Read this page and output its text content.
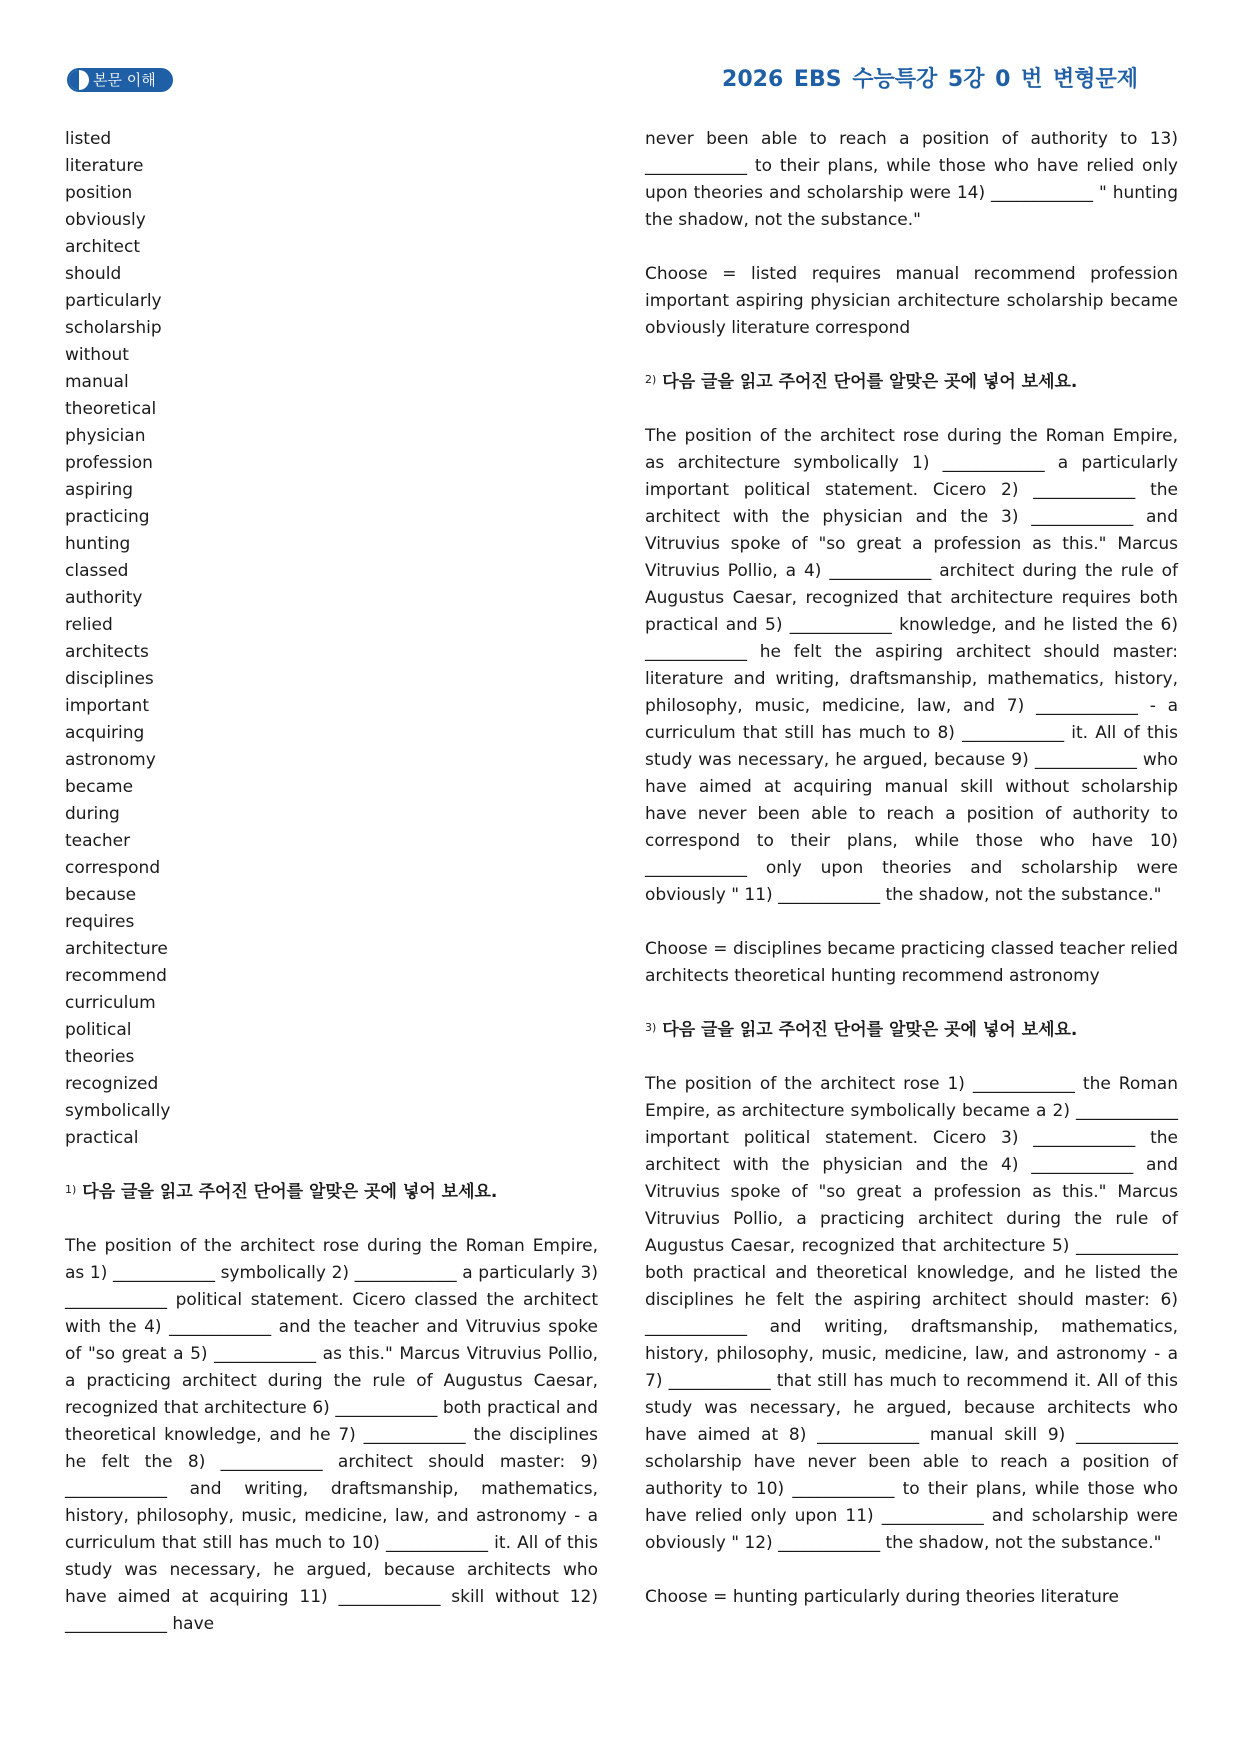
본문 이해	2026 EBS 수능특강 5강 0 번 변형문제
listed
literature
position
obviously
architect
should
particularly
scholarship
without
manual
theoretical
physician
profession
aspiring
practicing
hunting
classed
authority
relied
architects
disciplines
important
acquiring
astronomy
became
during
teacher
correspond
because
requires
architecture
recommend
curriculum
political
theories
recognized
symbolically
practical

$^{1)}$ 다음 글을 읽고 주어진 단어를 알맞은 곳에 넣어 보세요.

The position of the architect rose during the Roman Empire, as 1) ____________ symbolically 2) ____________ a particularly 3) ____________ political statement. Cicero classed the architect with the 4) ____________ and the teacher and Vitruvius spoke of "so great a 5) ____________ as this." Marcus Vitruvius Pollio, a practicing architect during the rule of Augustus Caesar, recognized that architecture 6) ____________ both practical and theoretical knowledge, and he 7) ____________ the disciplines he felt the 8) ____________ architect should master: 9) ____________ and writing, draftsmanship, mathematics, history, philosophy, music, medicine, law, and astronomy - a curriculum that still has much to 10) ____________ it. All of this study was necessary, he argued, because architects who have aimed at acquiring 11) ____________ skill without 12) ____________ have

never been able to reach a position of authority to 13) ____________ to their plans, while those who have relied only upon theories and scholarship were 14) ____________ " hunting the shadow, not the substance."

Choose = listed requires manual recommend profession important aspiring physician architecture scholarship became obviously literature correspond

$^{2)}$ 다음 글을 읽고 주어진 단어를 알맞은 곳에 넣어 보세요.

The position of the architect rose during the Roman Empire, as architecture symbolically 1) ____________ a particularly important political statement. Cicero 2) ____________ the architect with the physician and the 3) ____________ and Vitruvius spoke of "so great a profession as this." Marcus Vitruvius Pollio, a 4) ____________ architect during the rule of Augustus Caesar, recognized that architecture requires both practical and 5) ____________ knowledge, and he listed the 6) ____________ he felt the aspiring architect should master: literature and writing, draftsmanship, mathematics, history, philosophy, music, medicine, law, and 7) ____________ - a curriculum that still has much to 8) ____________ it. All of this study was necessary, he argued, because 9) ____________ who have aimed at acquiring manual skill without scholarship have never been able to reach a position of authority to correspond to their plans, while those who have 10) ____________ only upon theories and scholarship were obviously " 11) ____________ the shadow, not the substance."

Choose = disciplines became practicing classed teacher relied architects theoretical hunting recommend astronomy

$^{3)}$ 다음 글을 읽고 주어진 단어를 알맞은 곳에 넣어 보세요.

The position of the architect rose 1) ____________ the Roman Empire, as architecture symbolically became a 2) ____________ important political statement. Cicero 3) ____________ the architect with the physician and the 4) ____________ and Vitruvius spoke of "so great a profession as this." Marcus Vitruvius Pollio, a practicing architect during the rule of Augustus Caesar, recognized that architecture 5) ____________ both practical and theoretical knowledge, and he listed the disciplines he felt the aspiring architect should master: 6) ____________ and writing, draftsmanship, mathematics, history, philosophy, music, medicine, law, and astronomy - a 7) ____________ that still has much to recommend it. All of this study was necessary, he argued, because architects who have aimed at 8) ____________ manual skill 9) ____________ scholarship have never been able to reach a position of authority to 10) ____________ to their plans, while those who have relied only upon 11) ____________ and scholarship were obviously " 12) ____________ the shadow, not the substance."

Choose = hunting particularly during theories literature
